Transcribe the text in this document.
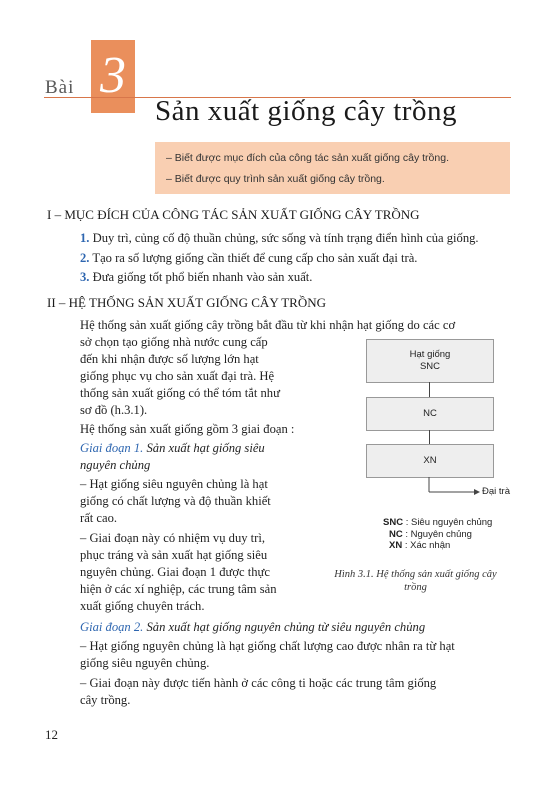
Bài 3
Sản xuất giống cây trồng
– Biết được mục đích của công tác sản xuất giống cây trồng.
– Biết được quy trình sản xuất giống cây trồng.
I – MỤC ĐÍCH CỦA CÔNG TÁC SẢN XUẤT GIỐNG CÂY TRỒNG
1. Duy trì, củng cố độ thuần chủng, sức sống và tính trạng điển hình của giống.
2. Tạo ra số lượng giống cần thiết để cung cấp cho sản xuất đại trà.
3. Đưa giống tốt phổ biến nhanh vào sản xuất.
II – HỆ THỐNG SẢN XUẤT GIỐNG CÂY TRỒNG
Hệ thống sản xuất giống cây trồng bắt đầu từ khi nhận hạt giống do các cơ
sở chọn tạo giống nhà nước cung cấp
đến khi nhận được số lượng lớn hạt
giống phục vụ cho sản xuất đại trà. Hệ
thống sản xuất giống có thể tóm tắt như
sơ đồ (h.3.1).
Hệ thống sản xuất giống gồm 3 giai đoạn :
Giai đoạn 1. Sản xuất hạt giống siêu
nguyên chủng
– Hạt giống siêu nguyên chủng là hạt
giống có chất lượng và độ thuần khiết
rất cao.
– Giai đoạn này có nhiệm vụ duy trì,
phục tráng và sản xuất hạt giống siêu
nguyên chủng. Giai đoạn 1 được thực
hiện ở các xí nghiệp, các trung tâm sản
xuất giống chuyên trách.
Giai đoạn 2. Sản xuất hạt giống nguyên chủng từ siêu nguyên chủng
– Hạt giống nguyên chủng là hạt giống chất lượng cao được nhân ra từ hạt
giống siêu nguyên chủng.
– Giai đoạn này được tiến hành ở các công ti hoặc các trung tâm giống
cây trồng.
Hạt giống
SNC
NC
XN
Đại trà
SNC : Siêu nguyên chủng
NC : Nguyên chủng
XN : Xác nhận
Hình 3.1. Hệ thống sản xuất giống cây
trồng
12
